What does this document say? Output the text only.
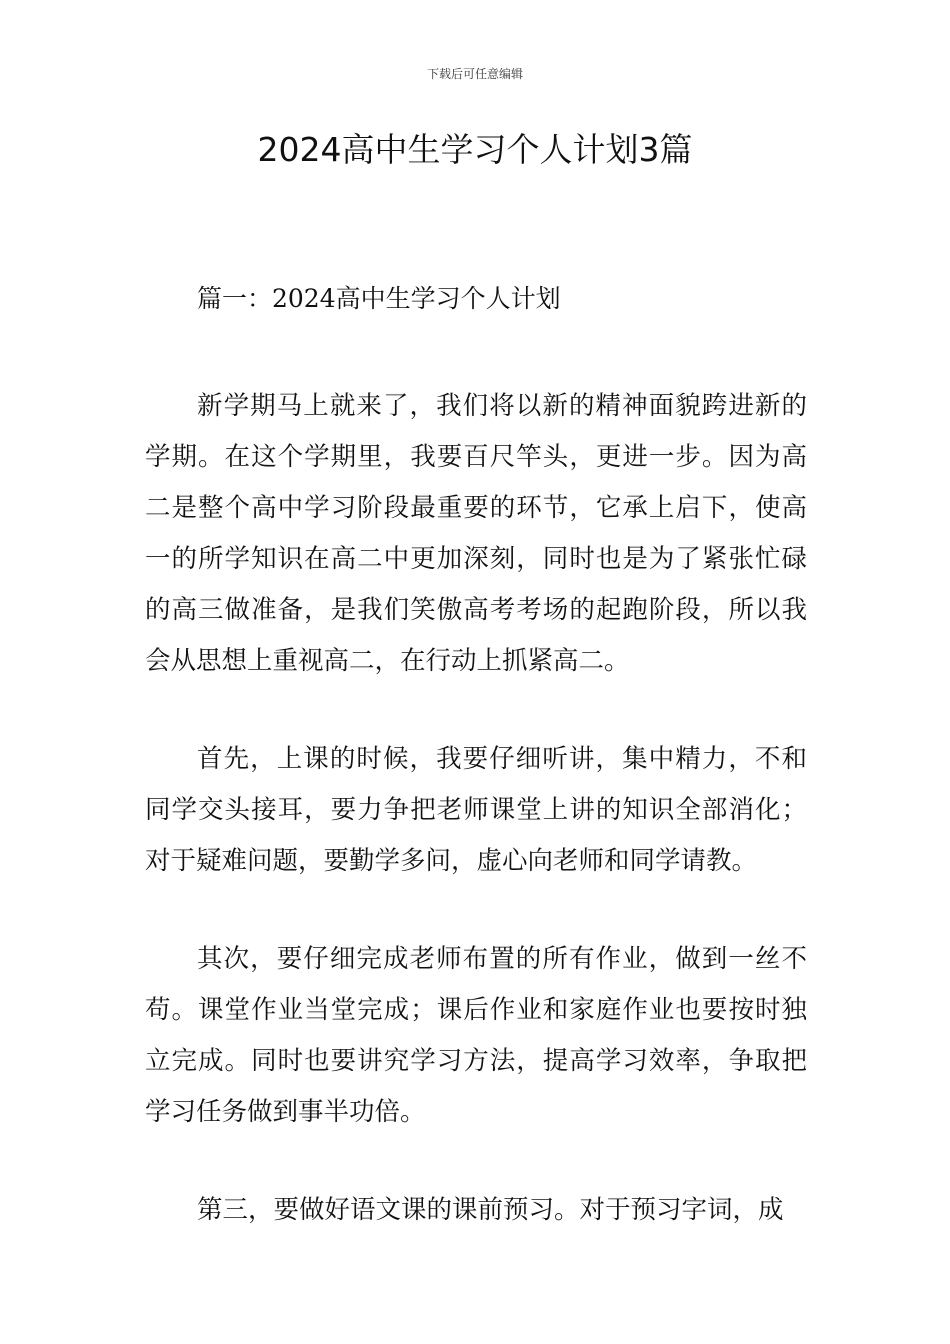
下载后可任意编辑
2024高中生学习个人计划3篇
篇一：2024高中生学习个人计划

新学期马上就来了，我们将以新的精神面貌跨进新的学期。在这个学期里，我要百尺竿头，更进一步。因为高二是整个高中学习阶段最重要的环节，它承上启下，使高一的所学知识在高二中更加深刻，同时也是为了紧张忙碌的高三做准备，是我们笑傲高考考场的起跑阶段，所以我会从思想上重视高二，在行动上抓紧高二。

首先，上课的时候，我要仔细听讲，集中精力，不和同学交头接耳，要力争把老师课堂上讲的知识全部消化；对于疑难问题，要勤学多问，虚心向老师和同学请教。

其次，要仔细完成老师布置的所有作业，做到一丝不苟。课堂作业当堂完成；课后作业和家庭作业也要按时独立完成。同时也要讲究学习方法，提高学习效率，争取把学习任务做到事半功倍。

第三，要做好语文课的课前预习。对于预习字词，成
